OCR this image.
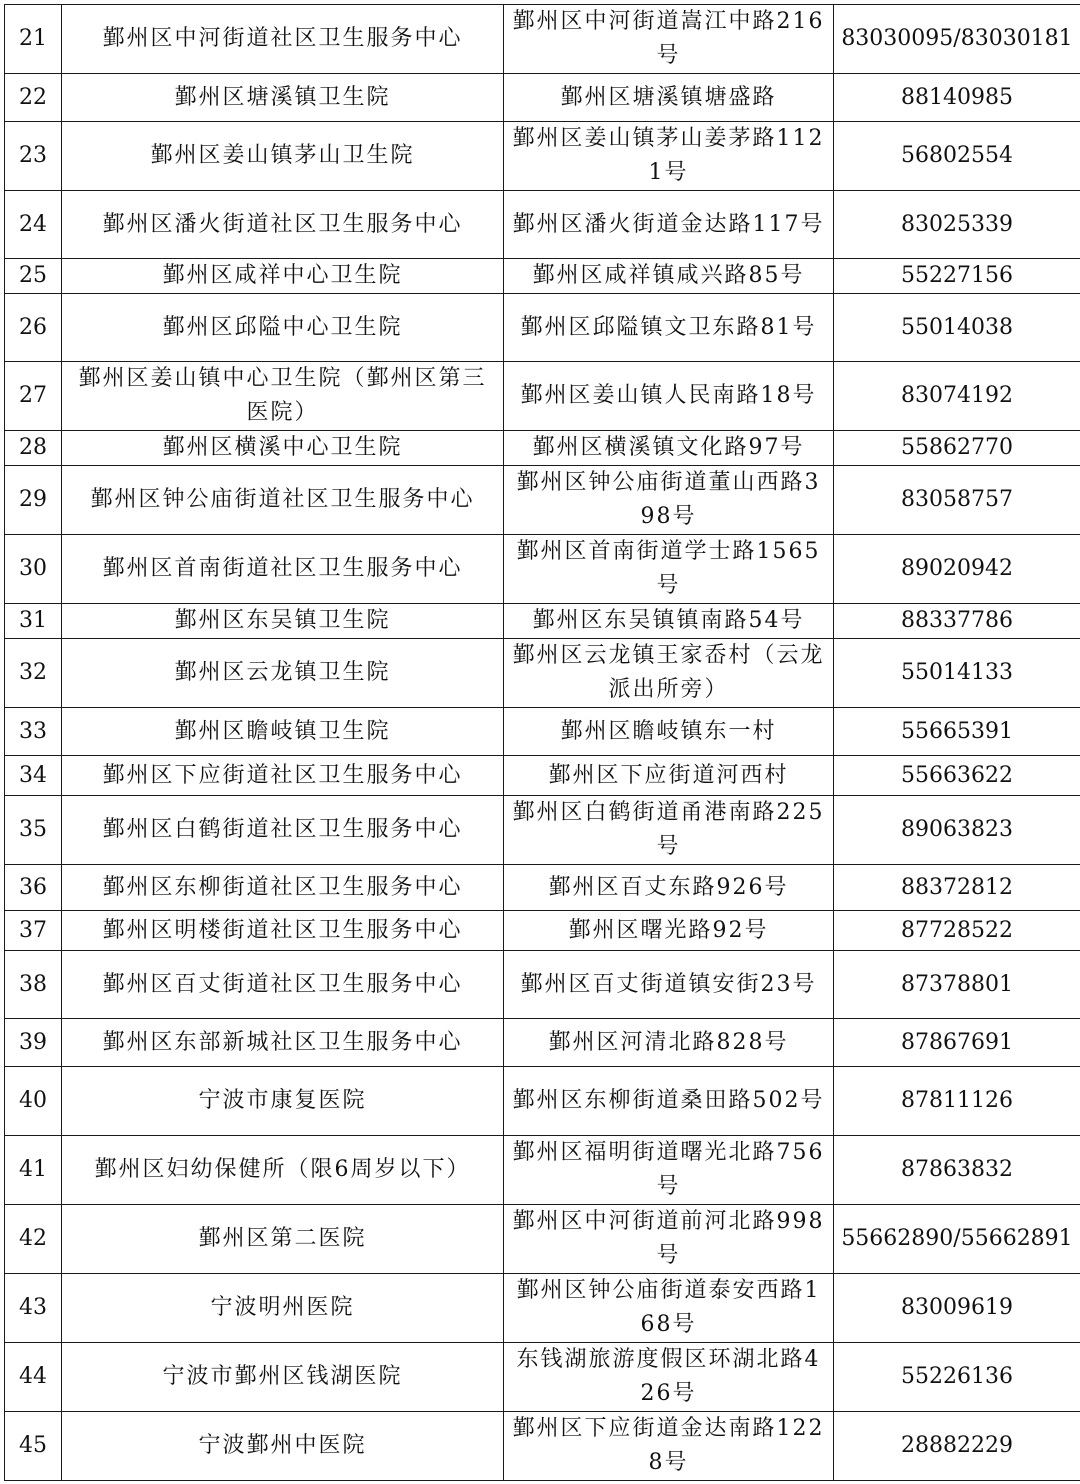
21	鄞州区中河街道社区卫生服务中心	鄞州区中河街道嵩江中路216号	83030095/83030181
22	鄞州区塘溪镇卫生院	鄞州区塘溪镇塘盛路	88140985
23	鄞州区姜山镇茅山卫生院	鄞州区姜山镇茅山姜茅路1121号	56802554
24	鄞州区潘火街道社区卫生服务中心	鄞州区潘火街道金达路117号	83025339
25	鄞州区咸祥中心卫生院	鄞州区咸祥镇咸兴路85号	55227156
26	鄞州区邱隘中心卫生院	鄞州区邱隘镇文卫东路81号	55014038
27	鄞州区姜山镇中心卫生院（鄞州区第三医院）	鄞州区姜山镇人民南路18号	83074192
28	鄞州区横溪中心卫生院	鄞州区横溪镇文化路97号	55862770
29	鄞州区钟公庙街道社区卫生服务中心	鄞州区钟公庙街道董山西路398号	83058757
30	鄞州区首南街道社区卫生服务中心	鄞州区首南街道学士路1565号	89020942
31	鄞州区东吴镇卫生院	鄞州区东吴镇镇南路54号	88337786
32	鄞州区云龙镇卫生院	鄞州区云龙镇王家岙村（云龙派出所旁）	55014133
33	鄞州区瞻岐镇卫生院	鄞州区瞻岐镇东一村	55665391
34	鄞州区下应街道社区卫生服务中心	鄞州区下应街道河西村	55663622
35	鄞州区白鹤街道社区卫生服务中心	鄞州区白鹤街道甬港南路225号	89063823
36	鄞州区东柳街道社区卫生服务中心	鄞州区百丈东路926号	88372812
37	鄞州区明楼街道社区卫生服务中心	鄞州区曙光路92号	87728522
38	鄞州区百丈街道社区卫生服务中心	鄞州区百丈街道镇安街23号	87378801
39	鄞州区东部新城社区卫生服务中心	鄞州区河清北路828号	87867691
40	宁波市康复医院	鄞州区东柳街道桑田路502号	87811126
41	鄞州区妇幼保健所（限6周岁以下）	鄞州区福明街道曙光北路756号	87863832
42	鄞州区第二医院	鄞州区中河街道前河北路998号	55662890/55662891
43	宁波明州医院	鄞州区钟公庙街道泰安西路168号	83009619
44	宁波市鄞州区钱湖医院	东钱湖旅游度假区环湖北路426号	55226136
45	宁波鄞州中医院	鄞州区下应街道金达南路1228号	28882229
